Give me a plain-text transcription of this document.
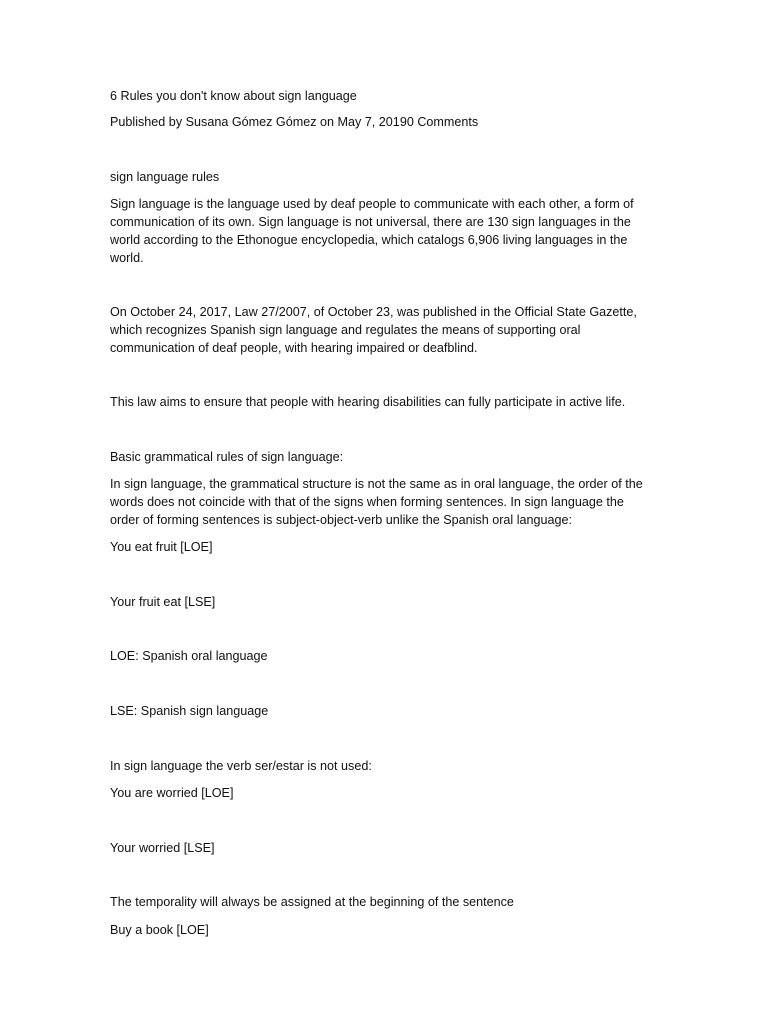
6 Rules you don't know about sign language

Published by Susana Gómez Gómez on May 7, 20190 Comments

sign language rules

Sign language is the language used by deaf people to communicate with each other, a form of communication of its own. Sign language is not universal, there are 130 sign languages in the world according to the Ethonogue encyclopedia, which catalogs 6,906 living languages in the world.

On October 24, 2017, Law 27/2007, of October 23, was published in the Official State Gazette, which recognizes Spanish sign language and regulates the means of supporting oral communication of deaf people, with hearing impaired or deafblind.

This law aims to ensure that people with hearing disabilities can fully participate in active life.

Basic grammatical rules of sign language:

In sign language, the grammatical structure is not the same as in oral language, the order of the words does not coincide with that of the signs when forming sentences. In sign language the order of forming sentences is subject-object-verb unlike the Spanish oral language:

You eat fruit [LOE]

Your fruit eat [LSE]

LOE: Spanish oral language

LSE: Spanish sign language

In sign language the verb ser/estar is not used:

You are worried [LOE]

Your worried [LSE]

The temporality will always be assigned at the beginning of the sentence

Buy a book [LOE]
